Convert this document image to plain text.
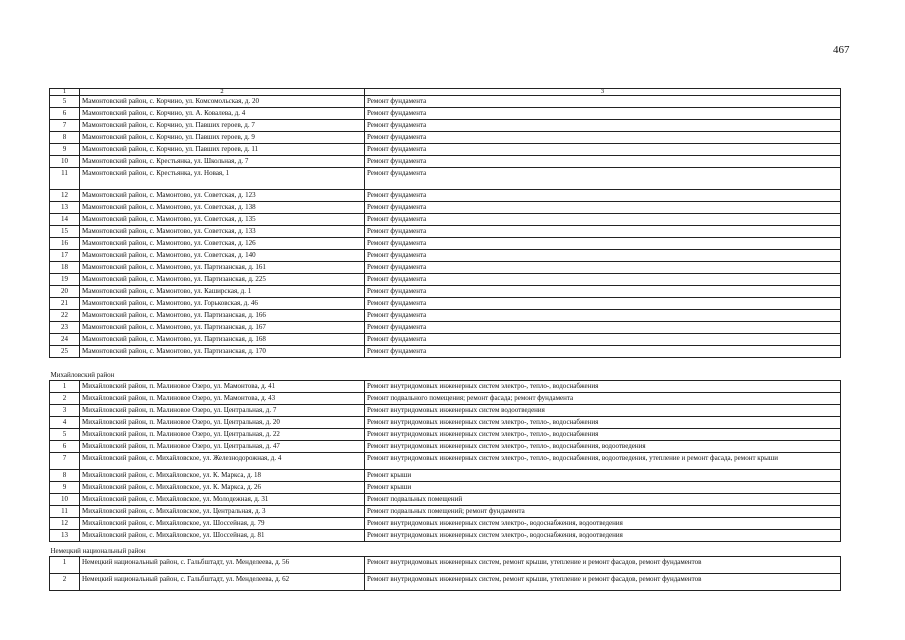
467
1	2	3
5	Мамонтовский район, с. Корчино, ул. Комсомольская, д. 20	Ремонт фундамента
6	Мамонтовский район, с. Корчино, ул. А. Ковалева, д. 4	Ремонт фундамента
7	Мамонтовский район, с. Корчино, ул. Павших героев, д. 7	Ремонт фундамента
8	Мамонтовский район, с. Корчино, ул. Павших героев, д. 9	Ремонт фундамента
9	Мамонтовский район, с. Корчино, ул. Павших героев, д. 11	Ремонт фундамента
10	Мамонтовский район, с. Крестьянка, ул. Школьная, д. 7	Ремонт фундамента
11	Мамонтовский район, с. Крестьянка, ул. Новая, 1	Ремонт фундамента
12	Мамонтовский район, с. Мамонтово, ул. Советская, д. 123	Ремонт фундамента
13	Мамонтовский район, с. Мамонтово, ул. Советская, д. 138	Ремонт фундамента
14	Мамонтовский район, с. Мамонтово, ул. Советская, д. 135	Ремонт фундамента
15	Мамонтовский район, с. Мамонтово, ул. Советская, д. 133	Ремонт фундамента
16	Мамонтовский район, с. Мамонтово, ул. Советская, д. 126	Ремонт фундамента
17	Мамонтовский район, с. Мамонтово, ул. Советская, д. 140	Ремонт фундамента
18	Мамонтовский район, с. Мамонтово, ул. Партизанская, д. 161	Ремонт фундамента
19	Мамонтовский район, с. Мамонтово, ул. Партизанская, д. 225	Ремонт фундамента
20	Мамонтовский район, с. Мамонтово, ул. Каширская, д. 1	Ремонт фундамента
21	Мамонтовский район, с. Мамонтово, ул. Горьковская, д. 46	Ремонт фундамента
22	Мамонтовский район, с. Мамонтово, ул. Партизанская, д. 166	Ремонт фундамента
23	Мамонтовский район, с. Мамонтово, ул. Партизанская, д. 167	Ремонт фундамента
24	Мамонтовский район, с. Мамонтово, ул. Партизанская, д. 168	Ремонт фундамента
25	Мамонтовский район, с. Мамонтово, ул. Партизанская, д. 170	Ремонт фундамента
Михайловский район		
1	Михайловский район, п. Малиновое Озеро, ул. Мамонтова, д. 41	Ремонт внутридомовых инженерных систем электро-, тепло-, водоснабжения
2	Михайловский район, п. Малиновое Озеро, ул. Мамонтова, д. 43	Ремонт подвального помещения; ремонт фасада; ремонт фундамента
3	Михайловский район, п. Малиновое Озеро, ул. Центральная, д. 7	Ремонт внутридомовых инженерных систем водоотведения
4	Михайловский район, п. Малиновое Озеро, ул. Центральная, д. 20	Ремонт внутридомовых инженерных систем электро-, тепло-, водоснабжения
5	Михайловский район, п. Малиновое Озеро, ул. Центральная, д. 22	Ремонт внутридомовых инженерных систем электро-, тепло-, водоснабжения
6	Михайловский район, п. Малиновое Озеро, ул. Центральная, д. 47	Ремонт внутридомовых инженерных систем электро-, тепло-, водоснабжения, водоотведения
7	Михайловский район, с. Михайловское, ул. Железнодорожная, д. 4	Ремонт внутридомовых инженерных систем электро-, тепло-, водоснабжения, водоотведения, утепление и ремонт фасада, ремонт крыши
8	Михайловский район, с. Михайловское, ул. К. Маркса, д. 18	Ремонт крыши
9	Михайловский район, с. Михайловское, ул. К. Маркса, д. 26	Ремонт крыши
10	Михайловский район, с. Михайловское, ул. Молодежная, д. 31	Ремонт подвальных помещений
11	Михайловский район, с. Михайловское, ул. Центральная, д. 3	Ремонт подвальных помещений; ремонт фундамента
12	Михайловский район, с. Михайловское, ул. Шоссейная, д. 79	Ремонт внутридомовых инженерных систем электро-, водоснабжения, водоотведения
13	Михайловский район, с. Михайловское, ул. Шоссейная, д. 81	Ремонт внутридомовых инженерных систем электро-, водоснабжения, водоотведения
Немецкий национальный район		
1	Немецкий национальный район, с. Гальбштадт, ул. Менделеева, д. 56	Ремонт внутридомовых инженерных систем, ремонт крыши, утепление и ремонт фасадов, ремонт фундаментов
2	Немецкий национальный район, с. Гальбштадт, ул. Менделеева, д. 62	Ремонт внутридомовых инженерных систем, ремонт крыши, утепление и ремонт фасадов, ремонт фундаментов
